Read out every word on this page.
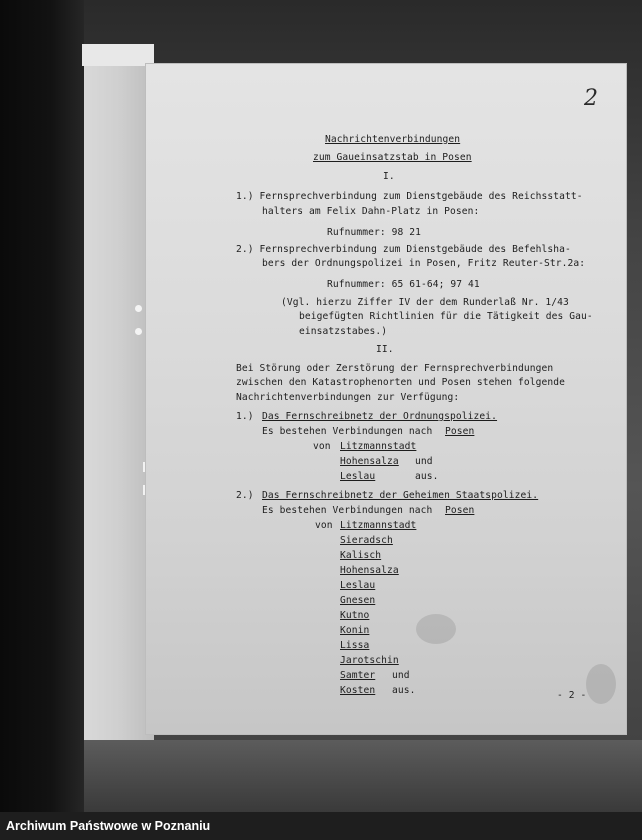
2
Nachrichtenverbindungen
zum Gaueinsatzstab in Posen
I.
1.) Fernsprechverbindung zum Dienstgebäude des Reichsstatt-
halters am Felix Dahn-Platz in Posen:
Rufnummer: 98 21
2.) Fernsprechverbindung zum Dienstgebäude des Befehlsha-
bers der Ordnungspolizei in Posen, Fritz Reuter-Str.2a:
Rufnummer: 65 61-64; 97 41
(Vgl. hierzu Ziffer IV der dem Runderlaß Nr. 1/43
beigefügten Richtlinien für die Tätigkeit des Gau-
einsatzstabes.)
II.
Bei Störung oder Zerstörung der Fernsprechverbindungen
zwischen den Katastrophenorten und Posen stehen folgende
Nachrichtenverbindungen zur Verfügung:
1.) Das Fernschreibnetz der Ordnungspolizei.
Es bestehen Verbindungen nach Posen
von Litzmannstadt
Hohensalza und
Leslau	aus.
2.) Das Fernschreibnetz der Geheimen Staatspolizei.
Es bestehen Verbindungen nach Posen
von Litzmannstadt
Sieradsch
Kalisch
Hohensalza
Leslau
Gnesen
Kutno
Konin
Lissa
Jarotschin
Samter und
Kosten aus.	- 2 -
Archiwum Państwowe w Poznaniu
